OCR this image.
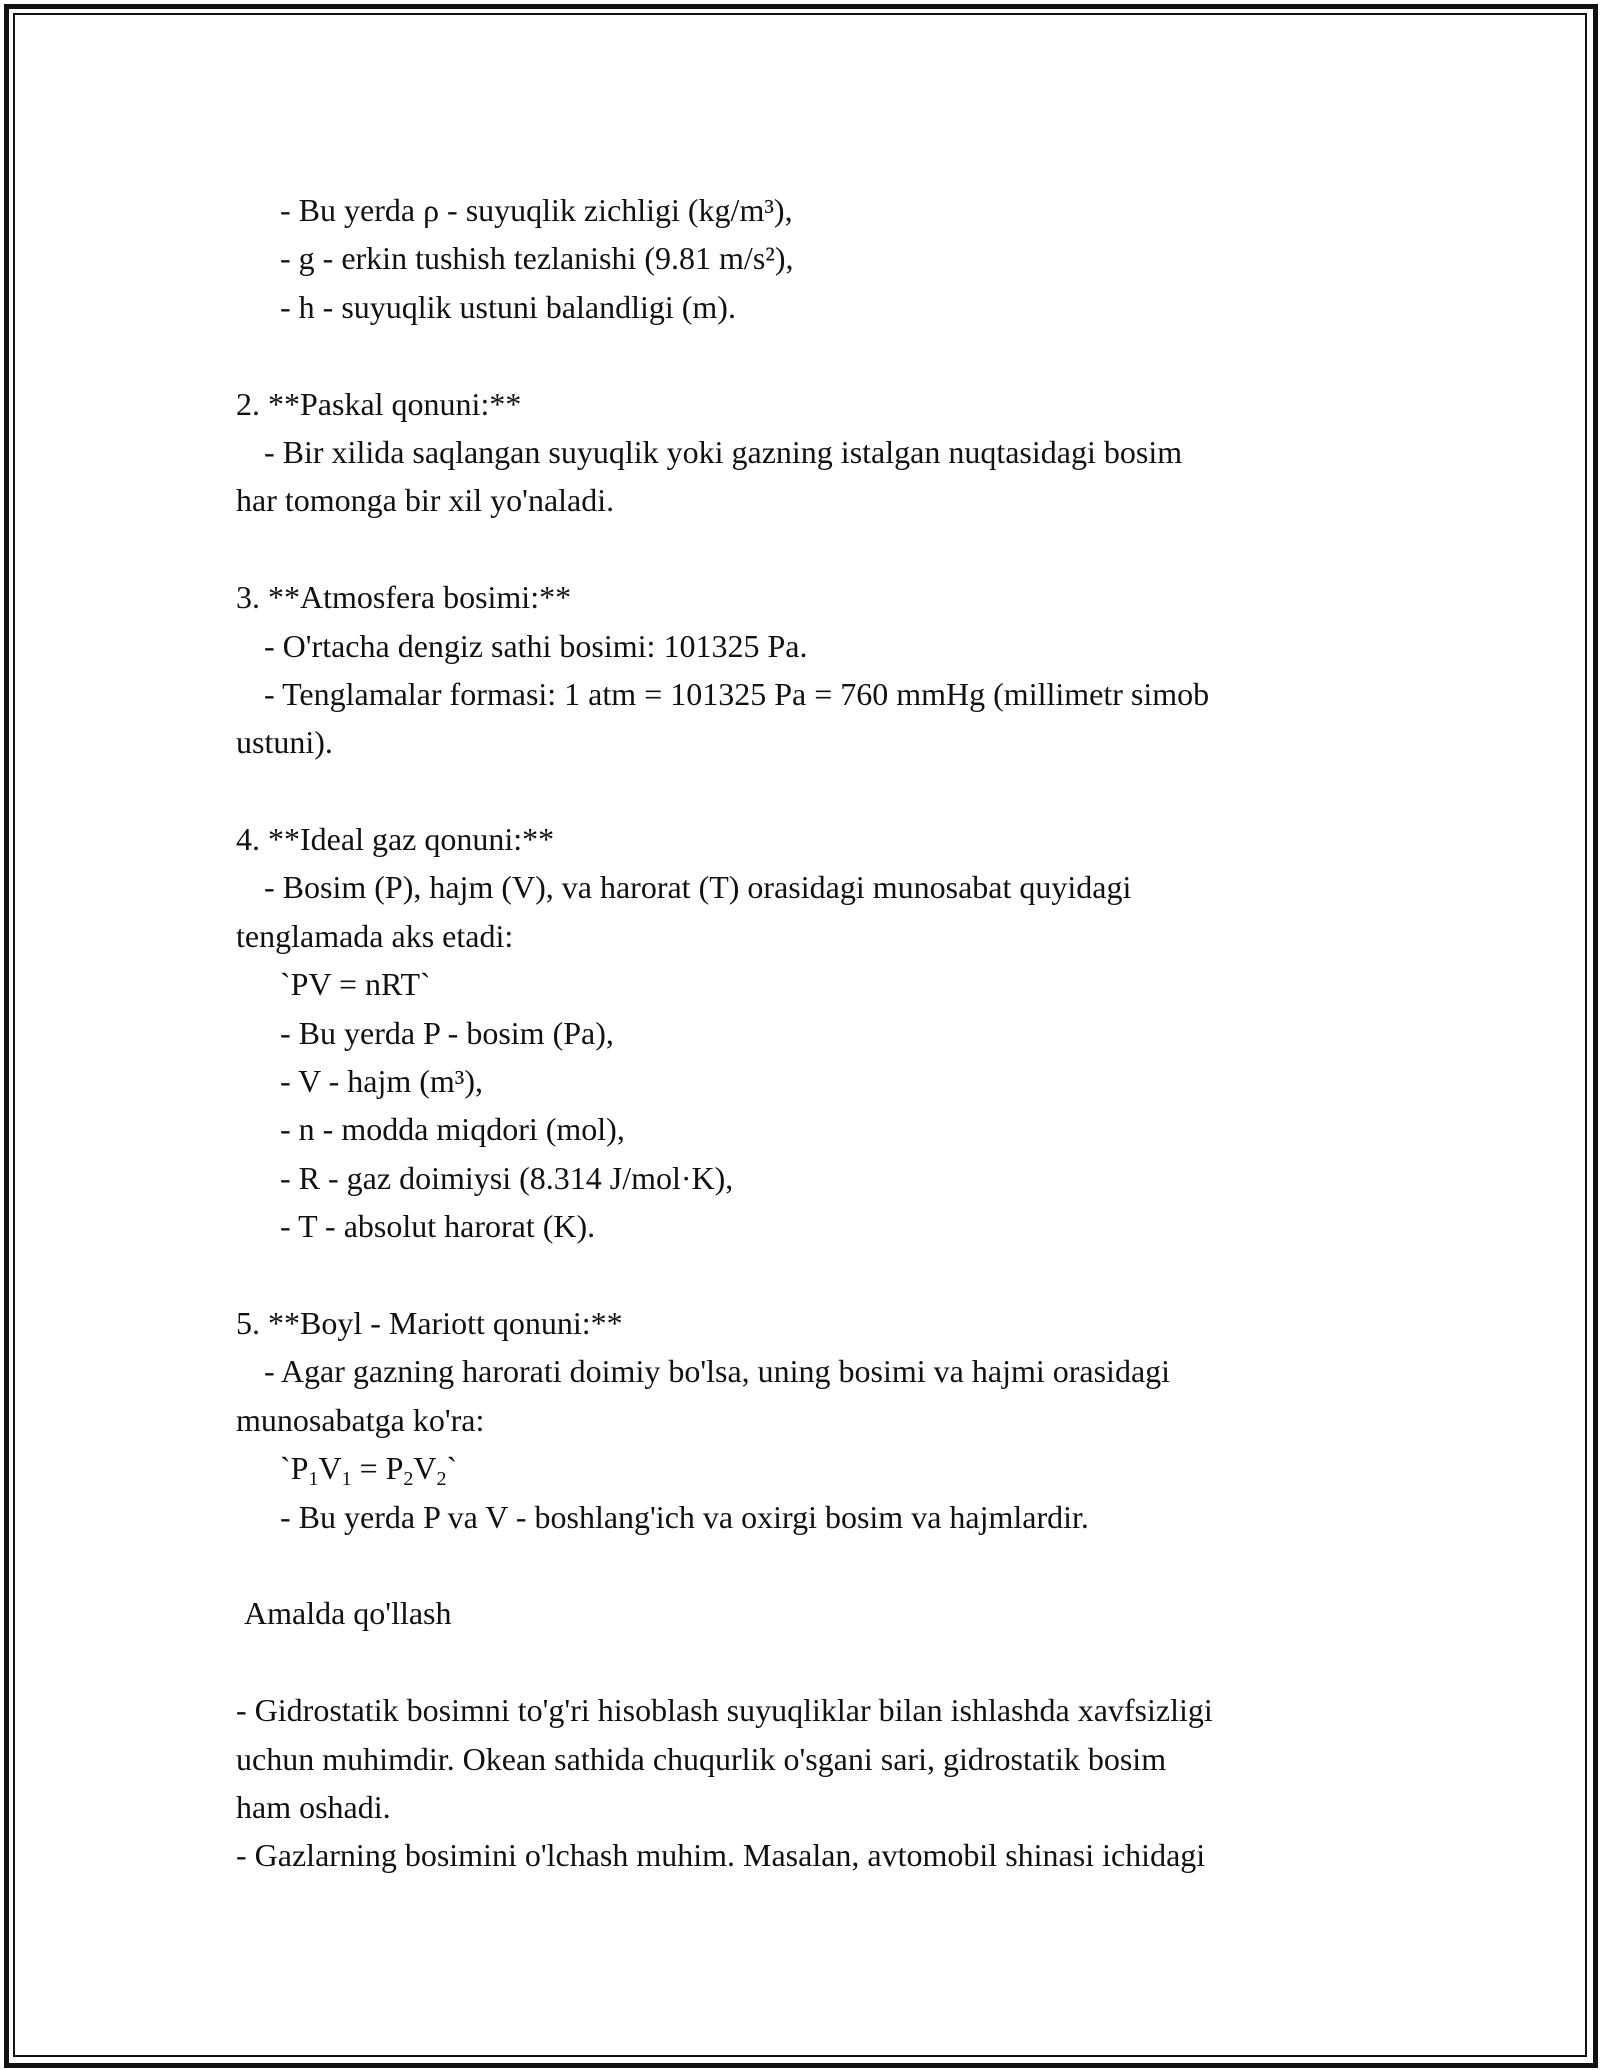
- Bu yerda ρ - suyuqlik zichligi (kg/m³),
- g - erkin tushish tezlanishi (9.81 m/s²),
- h - suyuqlik ustuni balandligi (m).
2. **Paskal qonuni:**
- Bir xilida saqlangan suyuqlik yoki gazning istalgan nuqtasidagi bosim
har tomonga bir xil yo'naladi.
3. **Atmosfera bosimi:**
- O'rtacha dengiz sathi bosimi: 101325 Pa.
- Tenglamalar formasi: 1 atm = 101325 Pa = 760 mmHg (millimetr simob
ustuni).
4. **Ideal gaz qonuni:**
- Bosim (P), hajm (V), va harorat (T) orasidagi munosabat quyidagi
tenglamada aks etadi:
`PV = nRT`
- Bu yerda P - bosim (Pa),
- V - hajm (m³),
- n - modda miqdori (mol),
- R - gaz doimiysi (8.314 J/mol·K),
- T - absolut harorat (K).
5. **Boyl - Mariott qonuni:**
- Agar gazning harorati doimiy bo'lsa, uning bosimi va hajmi orasidagi
munosabatga ko'ra:
$`P_1V_1$ = $P_2V_2`$
- Bu yerda P va V - boshlang'ich va oxirgi bosim va hajmlardir.
Amalda qo'llash
- Gidrostatik bosimni to'g'ri hisoblash suyuqliklar bilan ishlashda xavfsizligi
uchun muhimdir. Okean sathida chuqurlik o'sgani sari, gidrostatik bosim
ham oshadi.
- Gazlarning bosimini o'lchash muhim. Masalan, avtomobil shinasi ichidagi
